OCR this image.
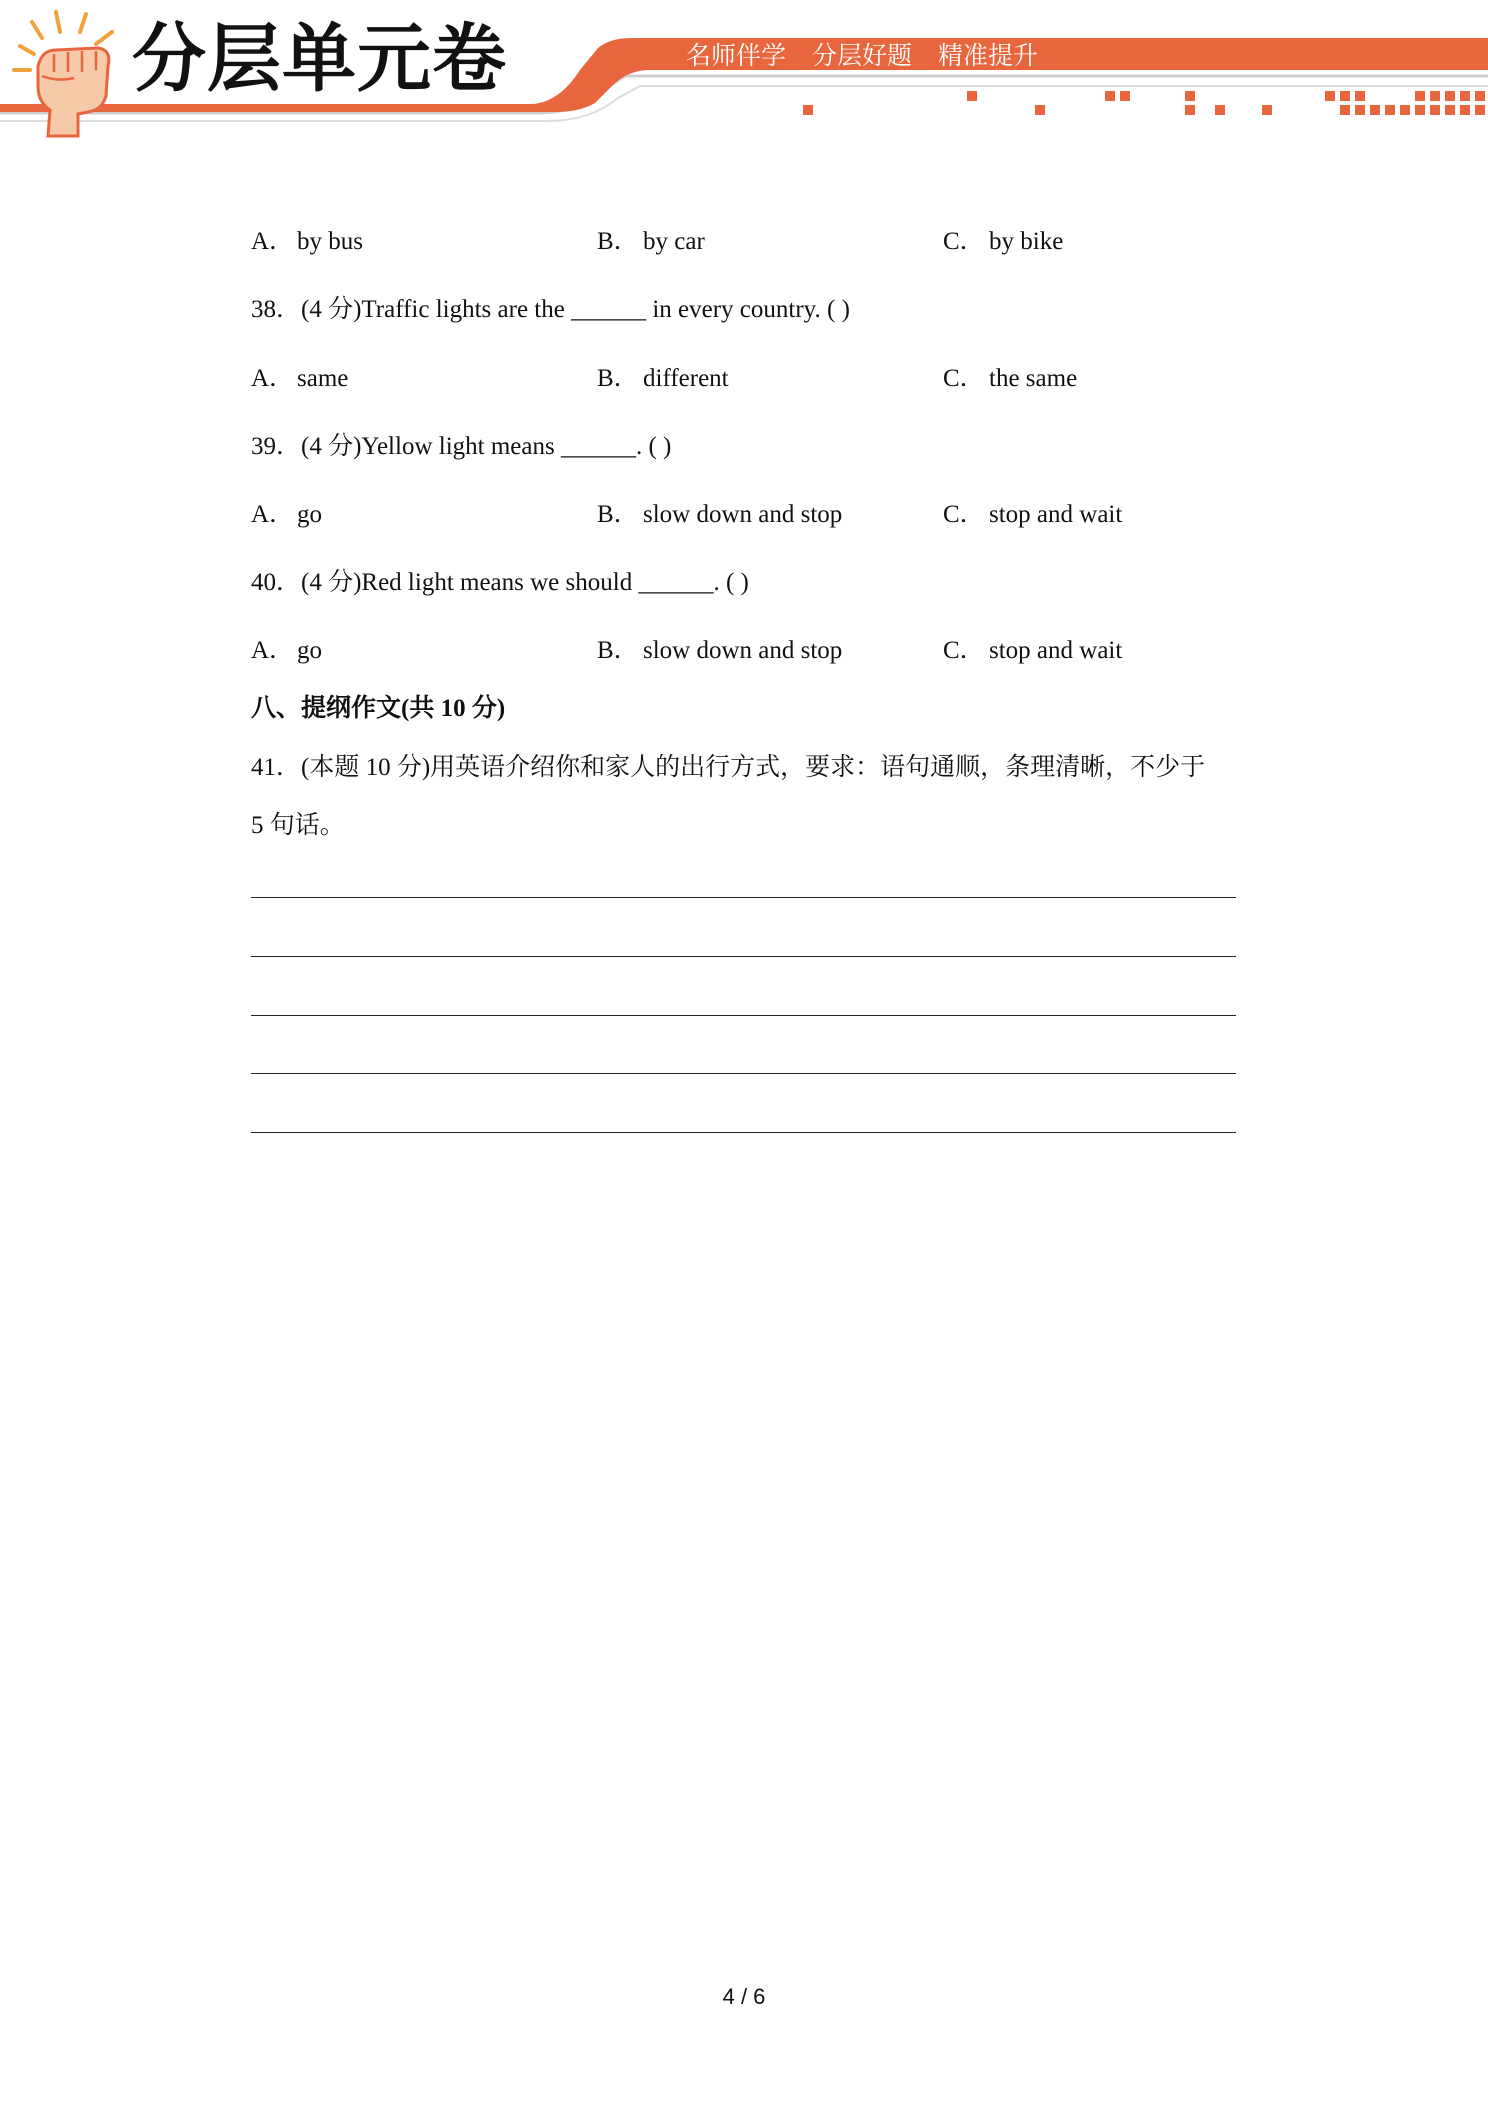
分层单元卷	名师伴学 分层好题 精准提升
A． by bus	B． by car	C． by bike
38．(4 分)Traffic lights are the ______ in every country. ( )
A． same	B． different	C． the same
39．(4 分)Yellow light means ______. ( )
A． go	B． slow down and stop	C． stop and wait
40．(4 分)Red light means we should ______. ( )
A． go	B． slow down and stop	C． stop and wait
八、提纲作文(共 10 分)
41．(本题 10 分)用英语介绍你和家人的出行方式，要求：语句通顺，条理清晰，不少于
5 句话。
4 / 6
